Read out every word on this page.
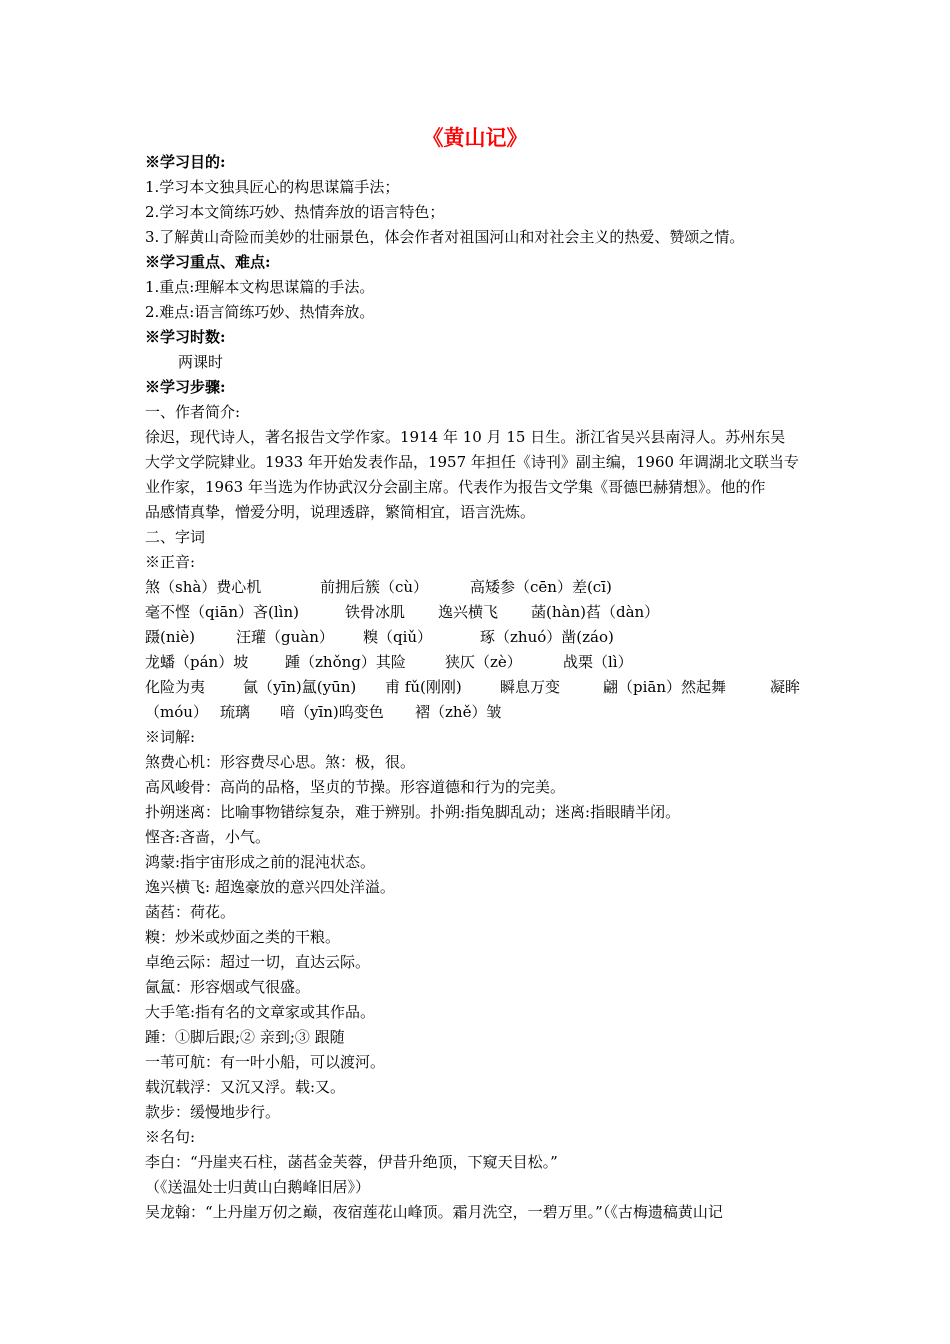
《黄山记》
※学习目的:
1.学习本文独具匠心的构思谋篇手法；
2.学习本文简练巧妙、热情奔放的语言特色；
3.了解黄山奇险而美妙的壮丽景色，体会作者对祖国河山和对社会主义的热爱、赞颂之情。
※学习重点、难点:
1.重点:理解本文构思谋篇的手法。
2.难点:语言简练巧妙、热情奔放。
※学习时数:
两课时
※学习步骤:
一、作者简介:
徐迟，现代诗人，著名报告文学作家。1914 年 10 月 15 日生。浙江省吴兴县南浔人。苏州东吴
大学文学院肄业。1933 年开始发表作品，1957 年担任《诗刊》副主编，1960 年调湖北文联当专
业作家，1963 年当选为作协武汉分会副主席。代表作为报告文学集《哥德巴赫猜想》。他的作
品感情真挚，憎爱分明，说理透辟，繁简相宜，语言洗炼。
二、字词
※正音:
煞（shà）费心机	前拥后簇（cù）	高矮参（cēn）差(cī)
毫不悭（qiān）吝(lìn)	铁骨冰肌	逸兴横飞	菡(hàn)萏（dàn）
蹑(niè)	汪瓘（guàn）	糗（qiǔ）	琢（zhuó）凿(záo)
龙蟠（pán）坡	踵（zhǒng）其险	狭仄（zè）	战栗（lì）
化险为夷	氤（yīn)氲(yūn)	甫 fǔ(刚刚)	瞬息万变	翩（piān）然起舞	凝眸
（móu） 琉璃	喑（yīn)呜变色	褶（zhě）皱
※词解:
煞费心机：形容费尽心思。煞：极，很。
高风峻骨：高尚的品格，坚贞的节操。形容道德和行为的完美。
扑朔迷离：比喻事物错综复杂，难于辨别。扑朔:指兔脚乱动；迷离:指眼睛半闭。
悭吝:吝啬，小气。
鸿蒙:指宇宙形成之前的混沌状态。
逸兴横飞: 超逸豪放的意兴四处洋溢。
菡萏：荷花。
糗：炒米或炒面之类的干粮。
卓绝云际：超过一切，直达云际。
氤氲：形容烟或气很盛。
大手笔:指有名的文章家或其作品。
踵：①脚后跟;② 亲到;③ 跟随
一苇可航：有一叶小船，可以渡河。
载沉载浮：又沉又浮。载:又。
款步：缓慢地步行。
※名句:
李白：“丹崖夹石柱，菡萏金芙蓉，伊昔升绝顶，下窥天目松。”
（《送温处士归黄山白鹅峰旧居》）
吴龙翰：“上丹崖万仞之巅，夜宿莲花山峰顶。霜月洗空，一碧万里。”（《古梅遗稿黄山记
